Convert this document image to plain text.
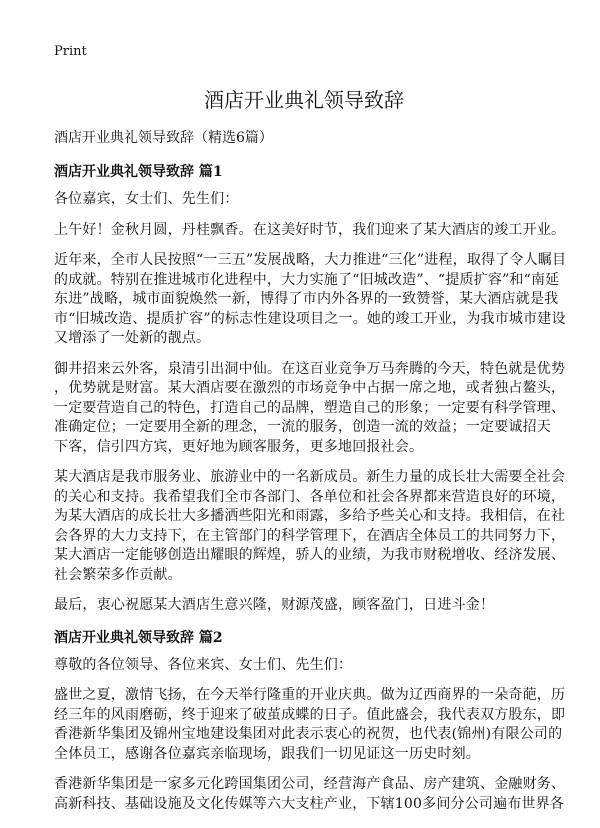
Print
酒店开业典礼领导致辞
酒店开业典礼领导致辞（精选6篇）
酒店开业典礼领导致辞 篇1
各位嘉宾，女士们、先生们：
上午好！金秋月圆，丹桂飘香。在这美好时节，我们迎来了某大酒店的竣工开业。
近年来，全市人民按照“一三五”发展战略，大力推进“三化”进程，取得了令人瞩目
的成就。特别在推进城市化进程中，大力实施了“旧城改造”、“提质扩容”和“南延
东进”战略，城市面貌焕然一新，博得了市内外各界的一致赞誉，某大酒店就是我
市“旧城改造、提质扩容”的标志性建设项目之一。她的竣工开业，为我市城市建设
又增添了一处新的靓点。
御井招来云外客，泉清引出洞中仙。在这百业竞争万马奔腾的今天，特色就是优势
，优势就是财富。某大酒店要在激烈的市场竞争中占据一席之地，或者独占鳌头，
一定要营造自己的特色，打造自己的品牌，塑造自己的形象；一定要有科学管理、
准确定位；一定要用全新的理念，一流的服务，创造一流的效益；一定要诚招天
下客，信引四方宾，更好地为顾客服务，更多地回报社会。
某大酒店是我市服务业、旅游业中的一名新成员。新生力量的成长壮大需要全社会
的关心和支持。我希望我们全市各部门、各单位和社会各界都来营造良好的环境，
为某大酒店的成长壮大多播洒些阳光和雨露，多给予些关心和支持。我相信，在社
会各界的大力支持下，在主管部门的科学管理下，在酒店全体员工的共同努力下，
某大酒店一定能够创造出耀眼的辉煌，骄人的业绩，为我市财税增收、经济发展、
社会繁荣多作贡献。
最后，衷心祝愿某大酒店生意兴隆，财源茂盛，顾客盈门，日进斗金！
酒店开业典礼领导致辞 篇2
尊敬的各位领导、各位来宾、女士们、先生们：
盛世之夏，激情飞扬，在今天举行隆重的开业庆典。做为辽西商界的一朵奇葩，历
经三年的风雨磨砺，终于迎来了破茧成蝶的日子。值此盛会，我代表双方股东，即
香港新华集团及锦州宝地建设集团对此表示衷心的祝贺，也代表(锦州)有限公司的
全体员工，感谢各位嘉宾亲临现场，跟我们一切见证这一历史时刻。
香港新华集团是一家多元化跨国集团公司，经营海产食品、房产建筑、金融财务、
高新科技、基础设施及文化传媒等六大支柱产业，下辖100多间分公司遍布世界各
